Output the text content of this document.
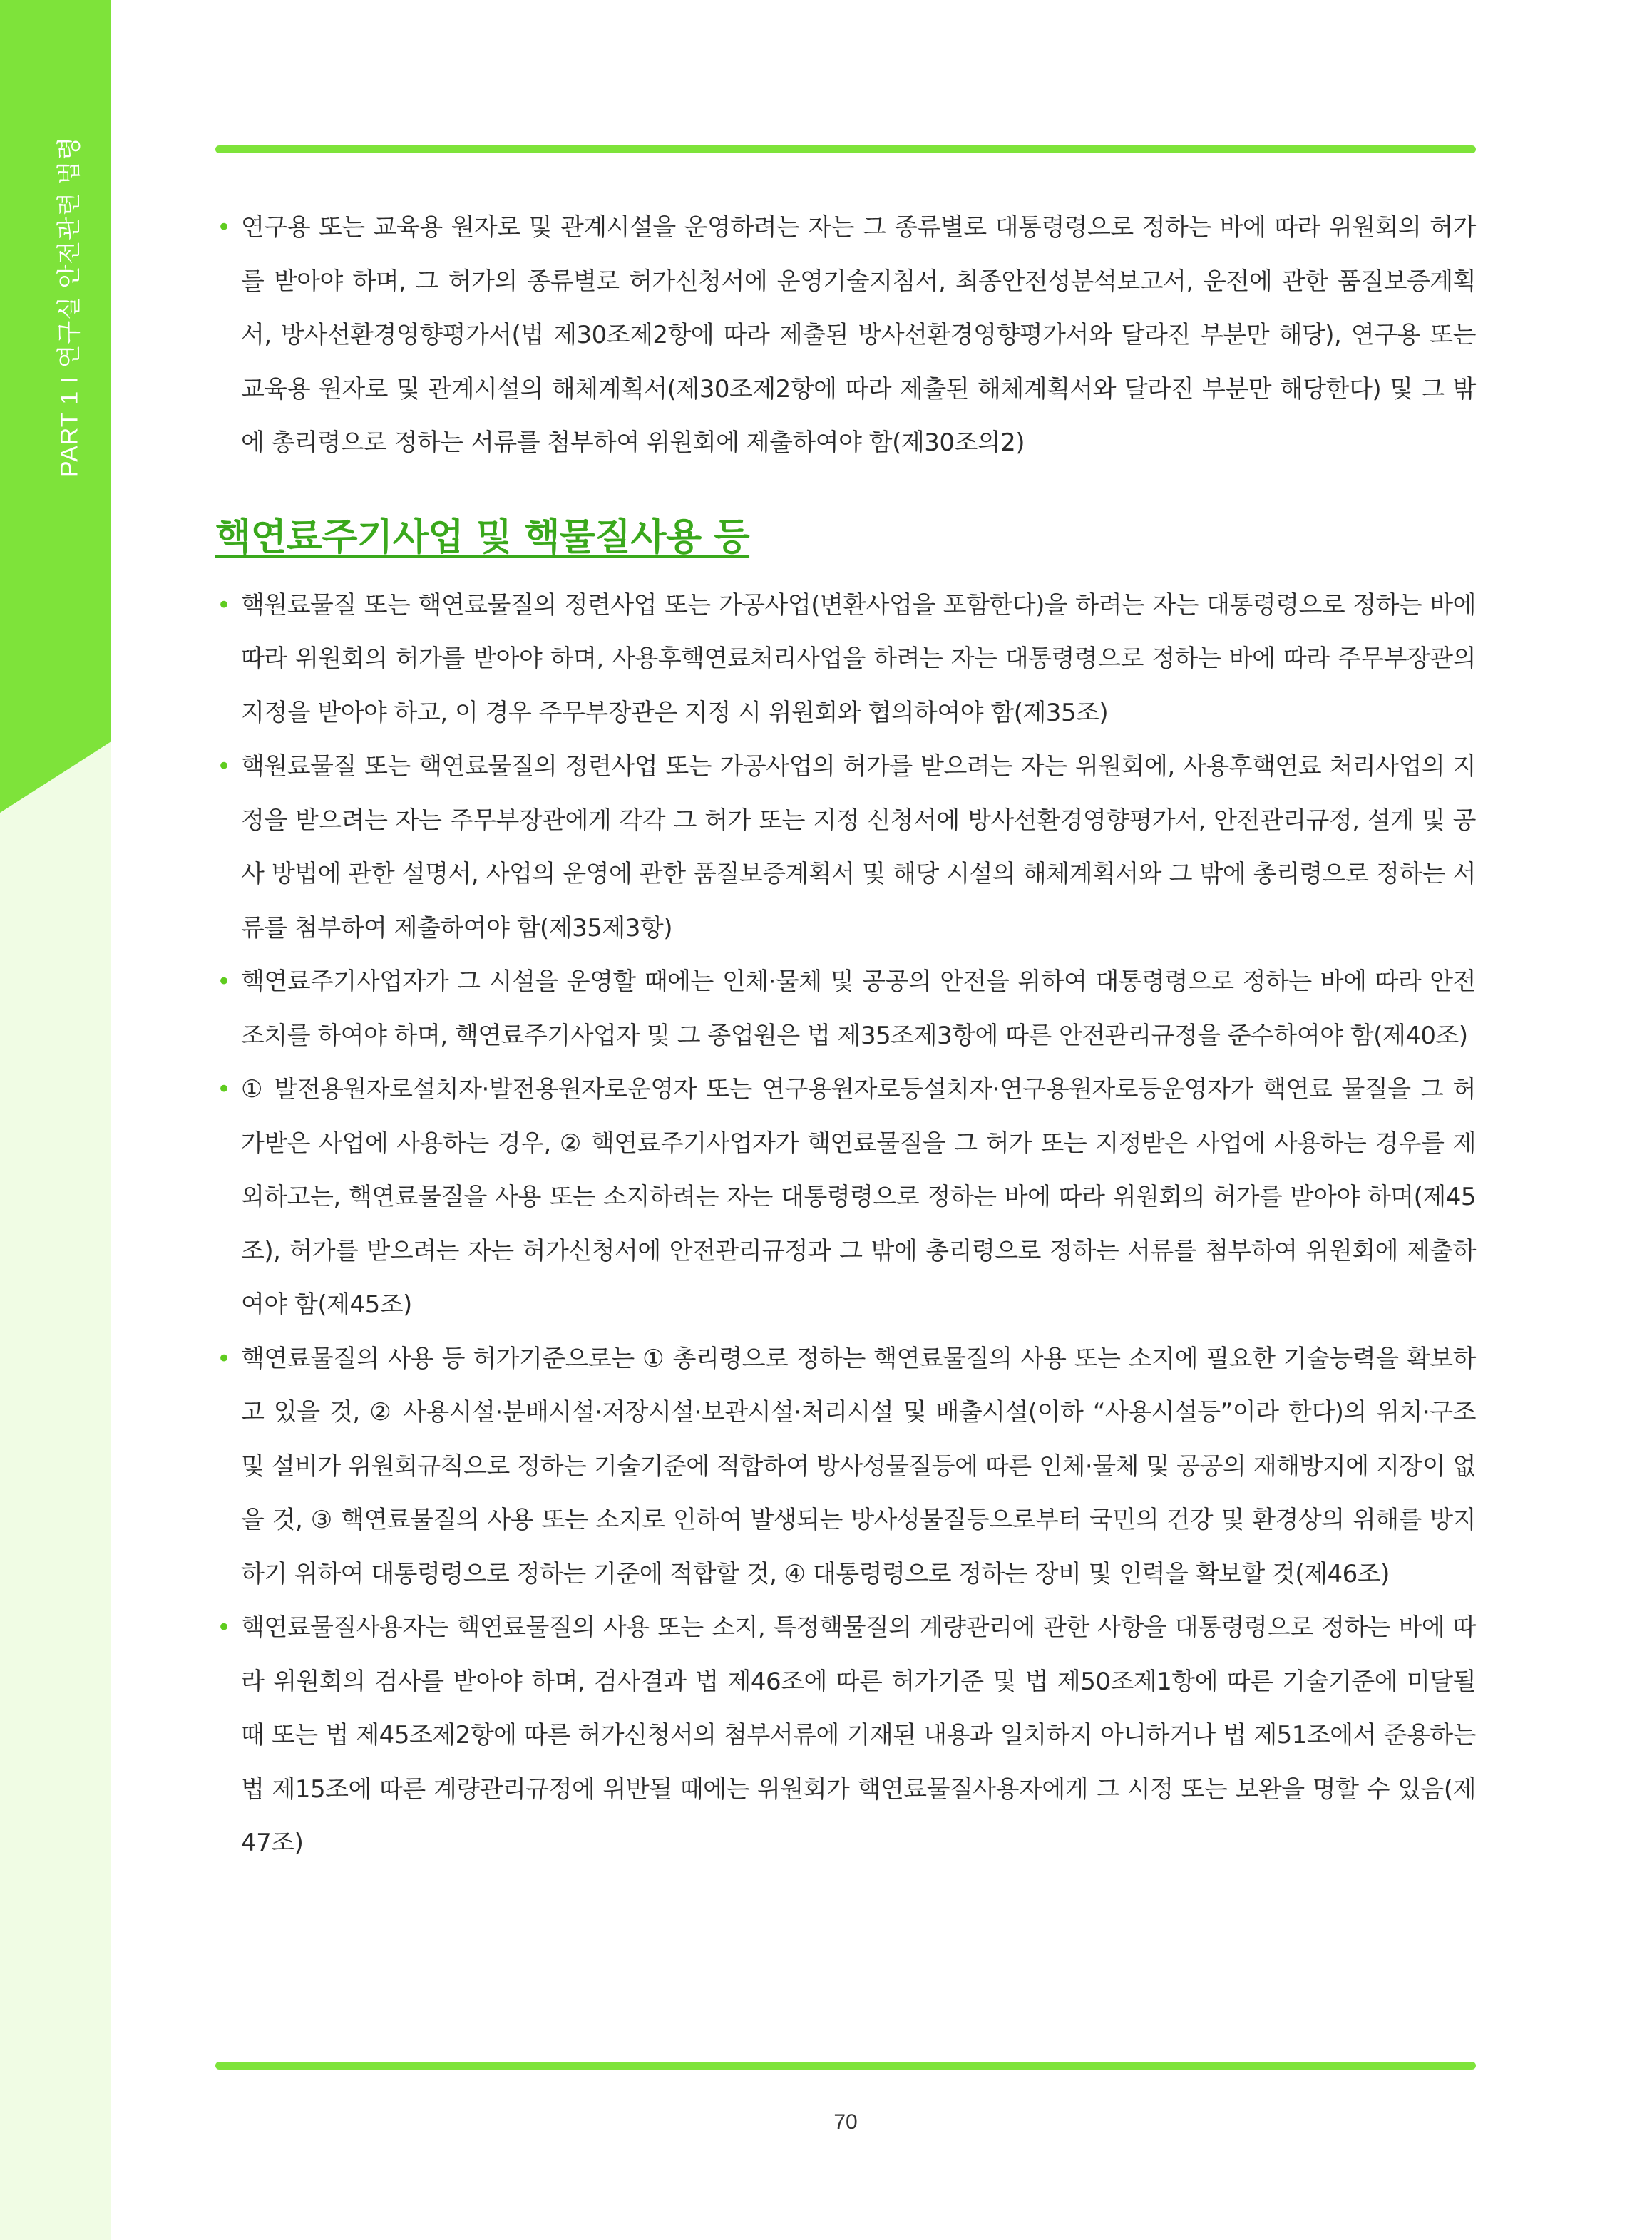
PART 1 I 연구실 안전관련 법령	• 연구용 또는 교육용 원자로 및 관계시설을 운영하려는 자는 그 종류별로 대통령령으로 정하는 바에 따라 위원회의 허가를 받아야 하며, 그 허가의 종류별로 허가신청서에 운영기술지침서, 최종안전성분석보고서, 운전에 관한 품질보증계획서, 방사선환경영향평가서(법 제30조제2항에 따라 제출된 방사선환경영향평가서와 달라진 부분만 해당), 연구용 또는 교육용 원자로 및 관계시설의 해체계획서(제30조제2항에 따라 제출된 해체계획서와 달라진 부분만 해당한다) 및 그 밖에 총리령으로 정하는 서류를 첨부하여 위원회에 제출하여야 함(제30조의2)
핵연료주기사업 및 핵물질사용 등
• 핵원료물질 또는 핵연료물질의 정련사업 또는 가공사업(변환사업을 포함한다)을 하려는 자는 대통령령으로 정하는 바에 따라 위원회의 허가를 받아야 하며, 사용후핵연료처리사업을 하려는 자는 대통령령으로 정하는 바에 따라 주무부장관의 지정을 받아야 하고, 이 경우 주무부장관은 지정 시 위원회와 협의하여야 함(제35조)
• 핵원료물질 또는 핵연료물질의 정련사업 또는 가공사업의 허가를 받으려는 자는 위원회에, 사용후핵연료 처리사업의 지정을 받으려는 자는 주무부장관에게 각각 그 허가 또는 지정 신청서에 방사선환경영향평가서, 안전관리규정, 설계 및 공사 방법에 관한 설명서, 사업의 운영에 관한 품질보증계획서 및 해당 시설의 해체계획서와 그 밖에 총리령으로 정하는 서류를 첨부하여 제출하여야 함(제35제3항)
• 핵연료주기사업자가 그 시설을 운영할 때에는 인체·물체 및 공공의 안전을 위하여 대통령령으로 정하는 바에 따라 안전조치를 하여야 하며, 핵연료주기사업자 및 그 종업원은 법 제35조제3항에 따른 안전관리규정을 준수하여야 함(제40조)
• ① 발전용원자로설치자·발전용원자로운영자 또는 연구용원자로등설치자·연구용원자로등운영자가 핵연료 물질을 그 허가받은 사업에 사용하는 경우, ② 핵연료주기사업자가 핵연료물질을 그 허가 또는 지정받은 사업에 사용하는 경우를 제외하고는, 핵연료물질을 사용 또는 소지하려는 자는 대통령령으로 정하는 바에 따라 위원회의 허가를 받아야 하며(제45조), 허가를 받으려는 자는 허가신청서에 안전관리규정과 그 밖에 총리령으로 정하는 서류를 첨부하여 위원회에 제출하여야 함(제45조)
• 핵연료물질의 사용 등 허가기준으로는 ① 총리령으로 정하는 핵연료물질의 사용 또는 소지에 필요한 기술능력을 확보하고 있을 것, ② 사용시설·분배시설·저장시설·보관시설·처리시설 및 배출시설(이하 “사용시설등”이라 한다)의 위치·구조 및 설비가 위원회규칙으로 정하는 기술기준에 적합하여 방사성물질등에 따른 인체·물체 및 공공의 재해방지에 지장이 없을 것, ③ 핵연료물질의 사용 또는 소지로 인하여 발생되는 방사성물질등으로부터 국민의 건강 및 환경상의 위해를 방지하기 위하여 대통령령으로 정하는 기준에 적합할 것, ④ 대통령령으로 정하는 장비 및 인력을 확보할 것(제46조)
• 핵연료물질사용자는 핵연료물질의 사용 또는 소지, 특정핵물질의 계량관리에 관한 사항을 대통령령으로 정하는 바에 따라 위원회의 검사를 받아야 하며, 검사결과 법 제46조에 따른 허가기준 및 법 제50조제1항에 따른 기술기준에 미달될 때 또는 법 제45조제2항에 따른 허가신청서의 첨부서류에 기재된 내용과 일치하지 아니하거나 법 제51조에서 준용하는 법 제15조에 따른 계량관리규정에 위반될 때에는 위원회가 핵연료물질사용자에게 그 시정 또는 보완을 명할 수 있음(제47조)
70
